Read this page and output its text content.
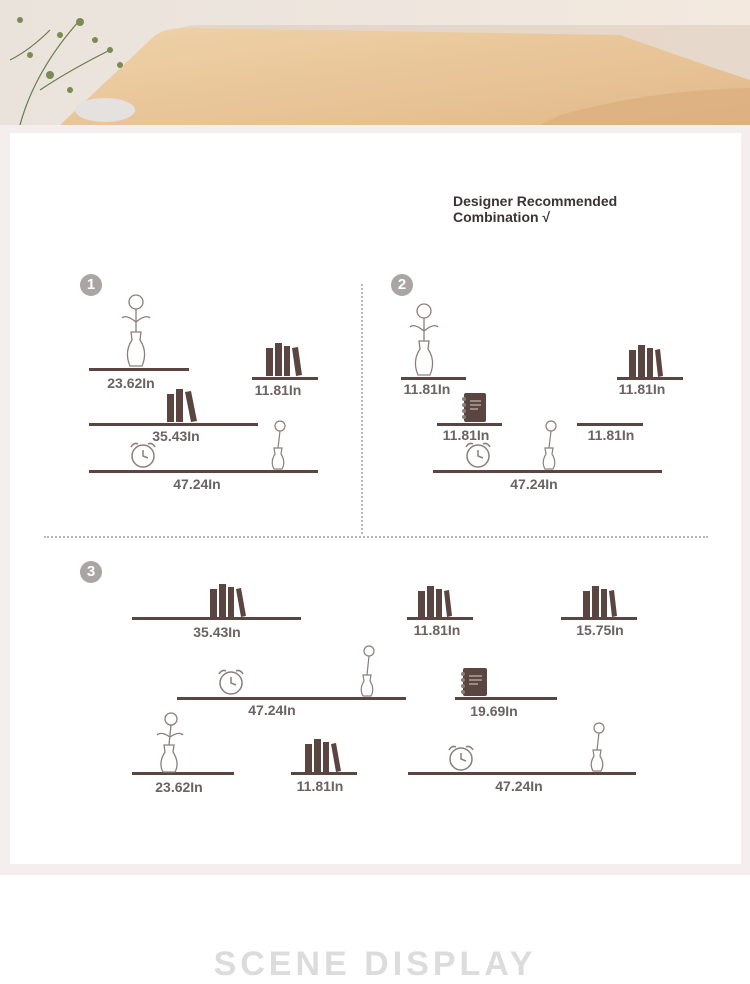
Designer Recommended
Combination √
1
23.62In	11.81In
35.43In
47.24In
2
11.81In	11.81In
11.81In	11.81In
47.24In
3
35.43In	11.81In	15.75In
47.24In	19.69In
23.62In	11.81In	47.24In
SCENE DISPLAY
